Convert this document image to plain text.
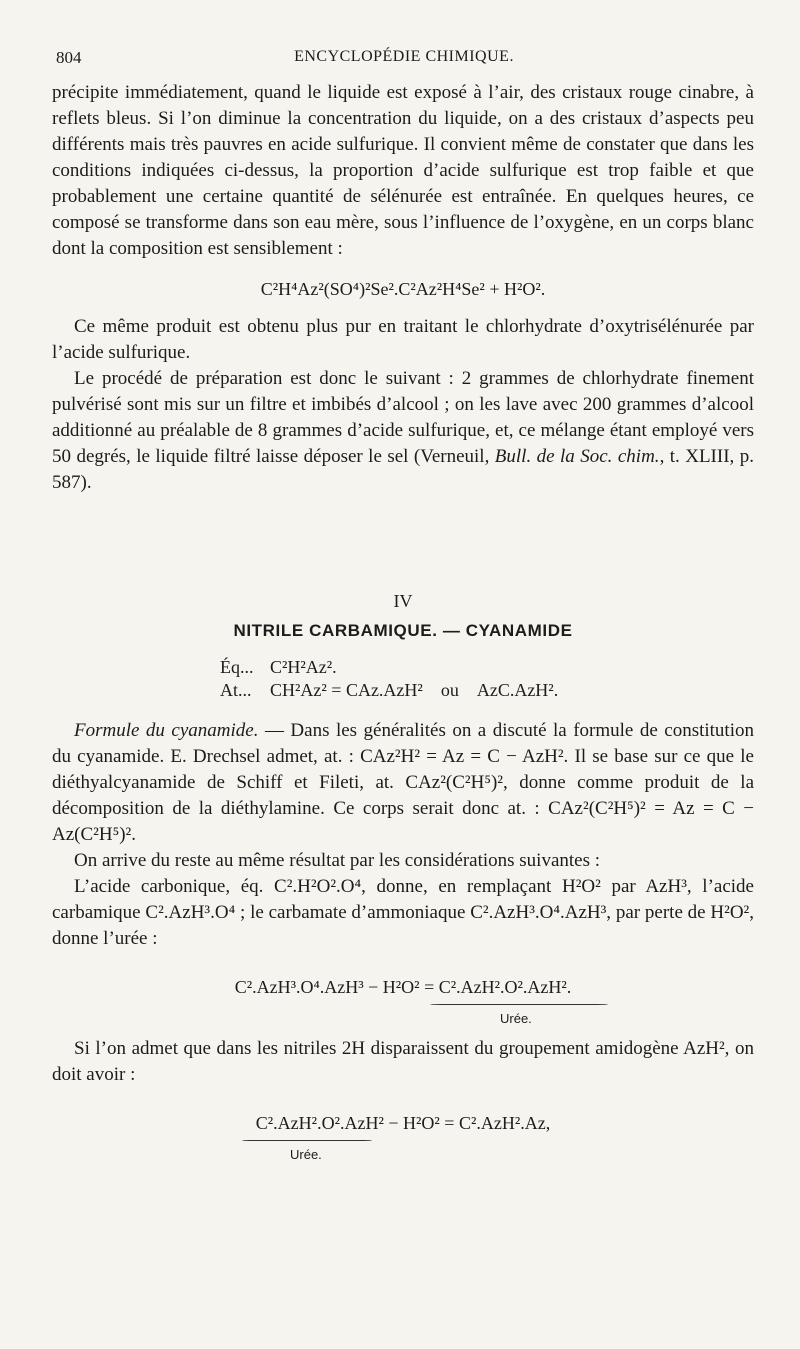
804	ENCYCLOPÉDIE CHIMIQUE.

précipite immédiatement, quand le liquide est exposé à l’air, des cristaux rouge cinabre, à reflets bleus. Si l’on diminue la concentration du liquide, on a des cristaux d’aspects peu différents mais très pauvres en acide sulfurique. Il convient même de constater que dans les conditions indiquées ci-dessus, la proportion d’acide sulfurique est trop faible et que probablement une certaine quantité de sélénurée est entraînée. En quelques heures, ce composé se transforme dans son eau mère, sous l’influence de l’oxygène, en un corps blanc dont la composition est sensiblement :

C²H⁴Az²(SO⁴)²Se².C²Az²H⁴Se² + H²O².

Ce même produit est obtenu plus pur en traitant le chlorhydrate d’oxytrisélénurée par l’acide sulfurique.

Le procédé de préparation est donc le suivant : 2 grammes de chlorhydrate finement pulvérisé sont mis sur un filtre et imbibés d’alcool ; on les lave avec 200 grammes d’alcool additionné au préalable de 8 grammes d’acide sulfurique, et, ce mélange étant employé vers 50 degrés, le liquide filtré laisse déposer le sel (Verneuil, Bull. de la Soc. chim., t. XLIII, p. 587).

IV
NITRILE CARBAMIQUE. — CYANAMIDE
Éq... C²H²Az².
At... CH²Az² = CAz.AzH² ou AzC.AzH².

Formule du cyanamide. — Dans les généralités on a discuté la formule de constitution du cyanamide. E. Drechsel admet, at. : CAz²H² = Az = C − AzH². Il se base sur ce que le diéthyalcyanamide de Schiff et Fileti, at. CAz²(C²H⁵)², donne comme produit de la décomposition de la diéthylamine. Ce corps serait donc at. : CAz²(C²H⁵)² = Az = C − Az(C²H⁵)².

On arrive du reste au même résultat par les considérations suivantes :

L’acide carbonique, éq. C².H²O².O⁴, donne, en remplaçant H²O² par AzH³, l’acide carbamique C².AzH³.O⁴ ; le carbamate d’ammoniaque C².AzH³.O⁴.AzH³, par perte de H²O², donne l’urée :

C².AzH³.O⁴.AzH³ − H²O² = C².AzH².O².AzH².
Urée.

Si l’on admet que dans les nitriles 2H disparaissent du groupement amidogène AzH², on doit avoir :

C².AzH².O².AzH² − H²O² = C².AzH².Az,
Urée.
